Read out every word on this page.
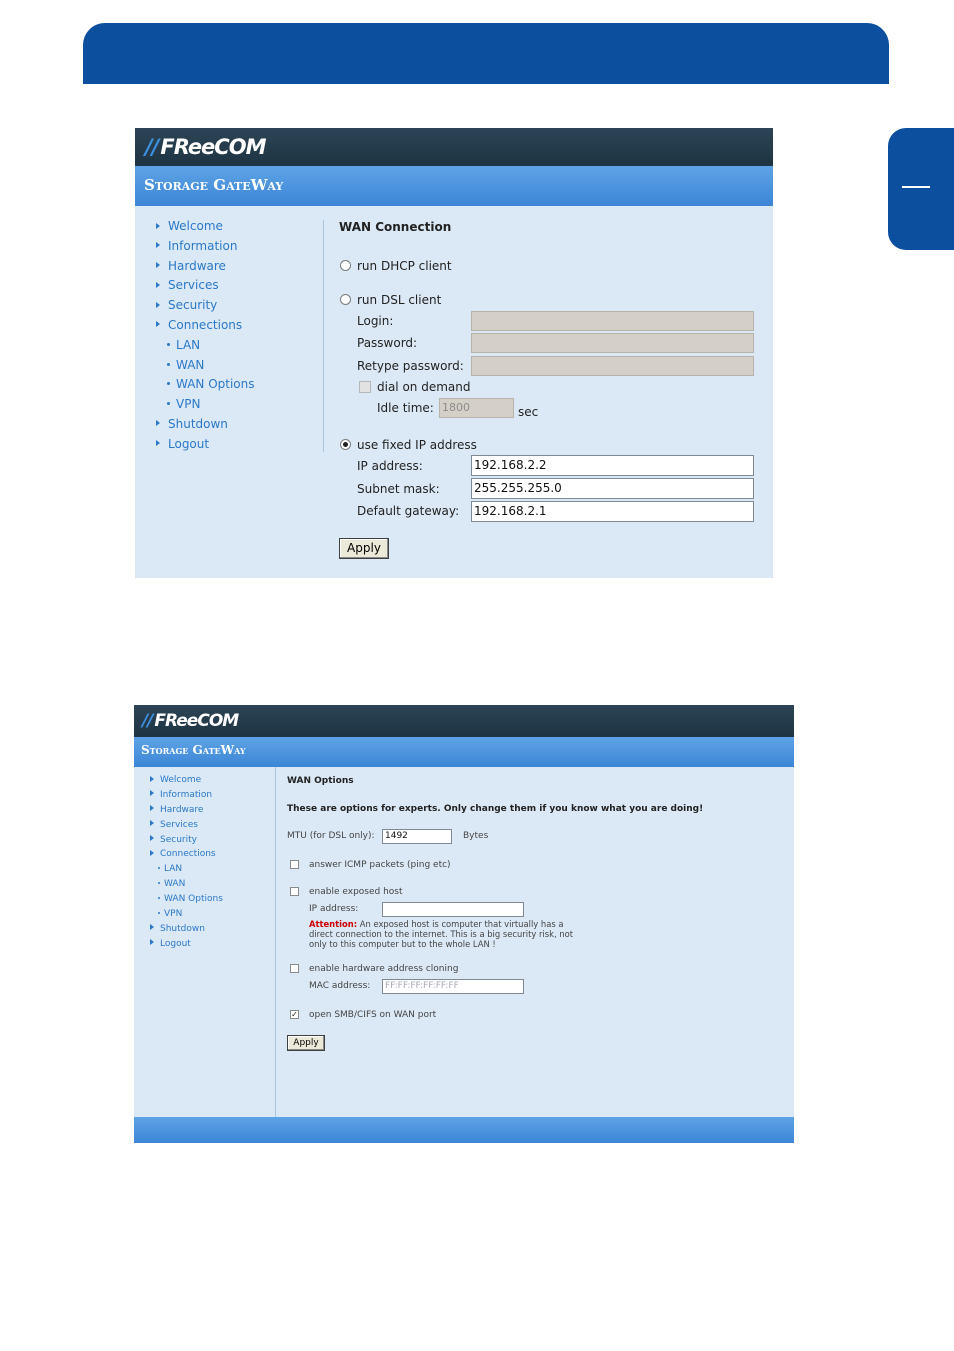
//FReeCOM
Storage GateWay
Welcome
Information
Hardware
Services
Security
Connections
LAN
WAN
WAN Options
VPN
Shutdown
Logout
WAN Connection
run DHCP client
run DSL client
Login:
Password:
Retype password:
dial on demand
Idle time: 1800	sec
use fixed IP address
IP address:	192.168.2.2
Subnet mask:	255.255.255.0
Default gateway: 192.168.2.1
Apply
// FReeCOM
Storage GateWay
Welcome
Information
Hardware
Services
Security
Connections
LAN
WAN
WAN Options
VPN
Shutdown
Logout
WAN Options
These are options for experts. Only change them if you know what you are doing!
MTU (for DSL only):	1492	Bytes
answer ICMP packets (ping etc)
enable exposed host
IP address:
Attention: An exposed host is computer that virtually has a
direct connection to the internet. This is a big security risk, not
only to this computer but to the whole LAN !
enable hardware address cloning
MAC address:	FF:FF:FF:FF:FF:FF
✓ open SMB/CIFS on WAN port
Apply
